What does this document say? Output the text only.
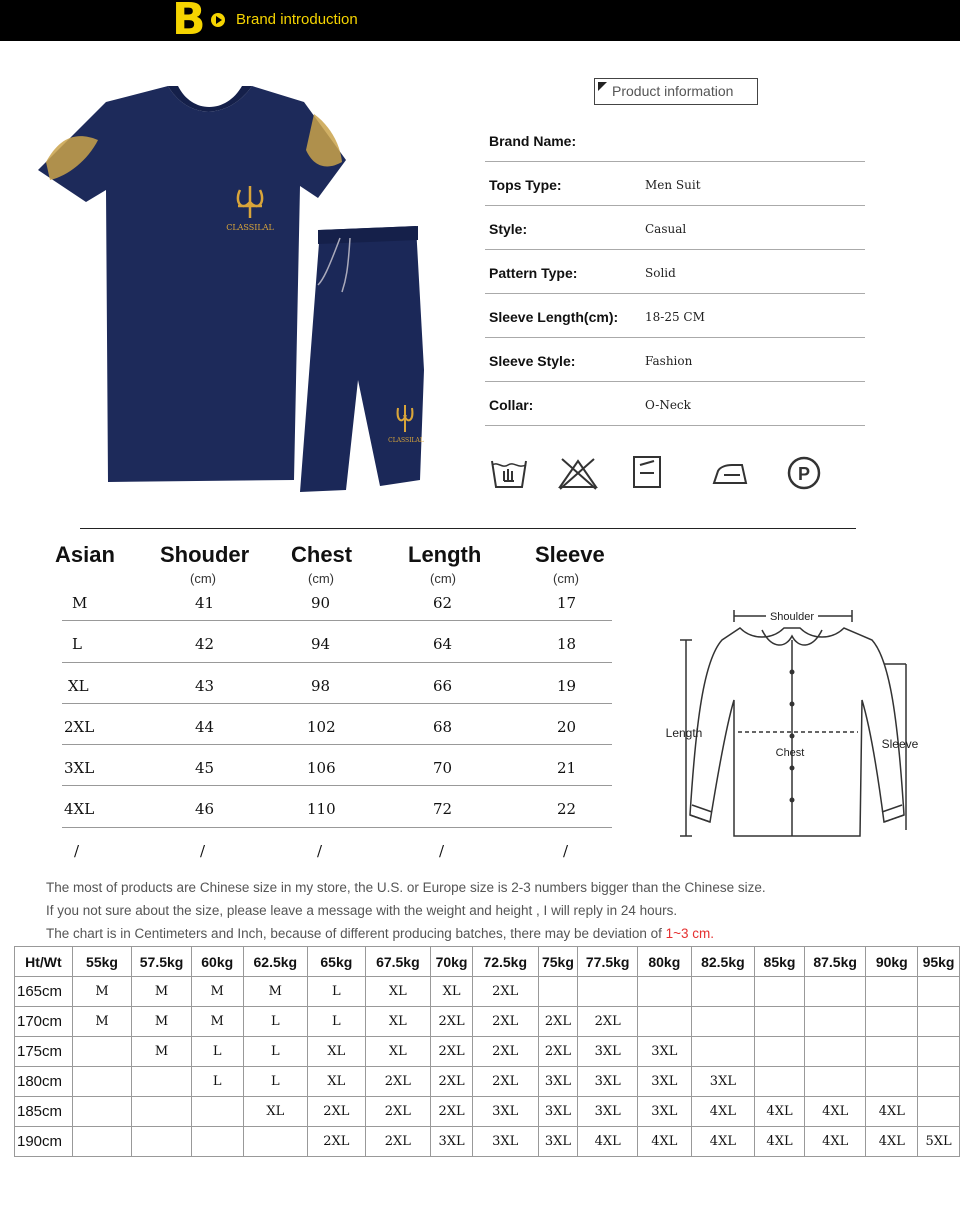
B Brand introduction
CLASSILAL
CLASSILAL
Product information
Brand Name:
Tops Type:	Men Suit
Style:	Casual
Pattern Type:	Solid
Sleeve Length(cm): 18-25 CM
Sleeve Style:	Fashion
Collar:	O-Neck
P
Asian Shouder Chest	Length Sleeve
(cm)	(cm)	(cm)	(cm)
M	41	90	62	17
L	42	94	64	18
XL	43	98	66	19
2XL	44	102	68	20
3XL	45	106	70	21
4XL	46	110	72	22
/	/	/	/	/
Shoulder
Length
Chest
Sleeve
The most of products are Chinese size in my store, the U.S. or Europe size is 2-3 numbers bigger than the Chinese size.
If you not sure about the size, please leave a message with the weight and height , I will reply in 24 hours.
The chart is in Centimeters and Inch, because of different producing batches, there may be deviation of 1~3 cm.
Ht/Wt	55kg	57.5kg	60kg	62.5kg	65kg	67.5kg	70kg	72.5kg	75kg	77.5kg	80kg	82.5kg	85kg	87.5kg	90kg	95kg
165cm	M	M	M	M	L	XL	XL	2XL								
170cm	M	M	M	L	L	XL	2XL	2XL	2XL	2XL						
175cm		M	L	L	XL	XL	2XL	2XL	2XL	3XL	3XL					
180cm			L	L	XL	2XL	2XL	2XL	3XL	3XL	3XL	3XL				
185cm				XL	2XL	2XL	2XL	3XL	3XL	3XL	3XL	4XL	4XL	4XL	4XL	
190cm					2XL	2XL	3XL	3XL	3XL	4XL	4XL	4XL	4XL	4XL	4XL	5XL
